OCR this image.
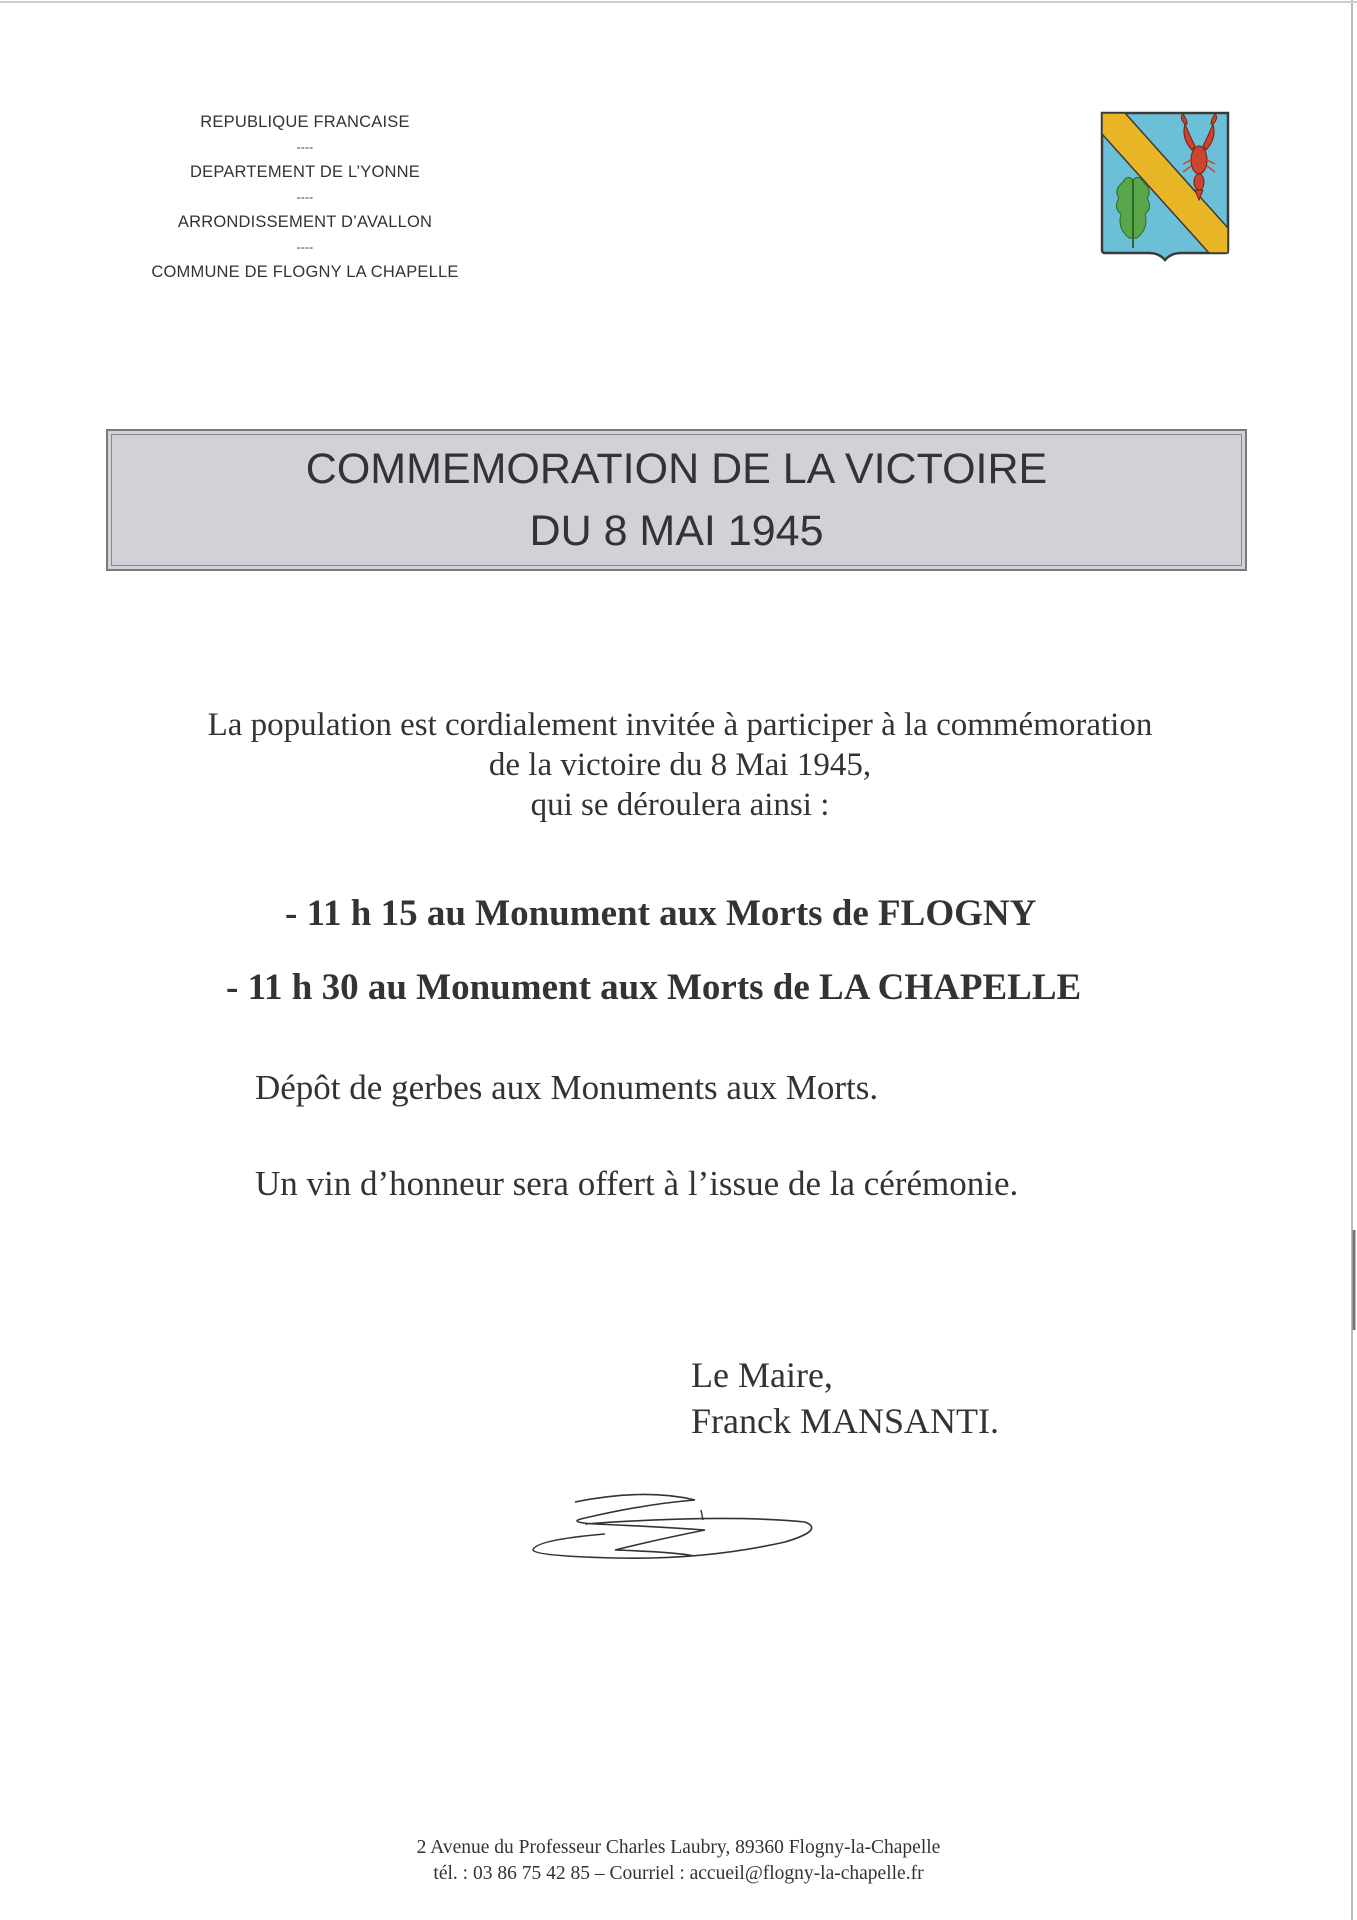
REPUBLIQUE FRANCAISE
----
DEPARTEMENT DE L’YONNE
----
ARRONDISSEMENT D’AVALLON
----
COMMUNE DE FLOGNY LA CHAPELLE
COMMEMORATION DE LA VICTOIRE
DU 8 MAI 1945
La population est cordialement invitée à participer à la commémoration
de la victoire du 8 Mai 1945,
qui se déroulera ainsi :
- 11 h 15 au Monument aux Morts de FLOGNY
- 11 h 30 au Monument aux Morts de LA CHAPELLE
Dépôt de gerbes aux Monuments aux Morts.
Un vin d’honneur sera offert à l’issue de la cérémonie.
Le Maire,
Franck MANSANTI.
2 Avenue du Professeur Charles Laubry, 89360 Flogny-la-Chapelle
tél. : 03 86 75 42 85 – Courriel : accueil@flogny-la-chapelle.fr
